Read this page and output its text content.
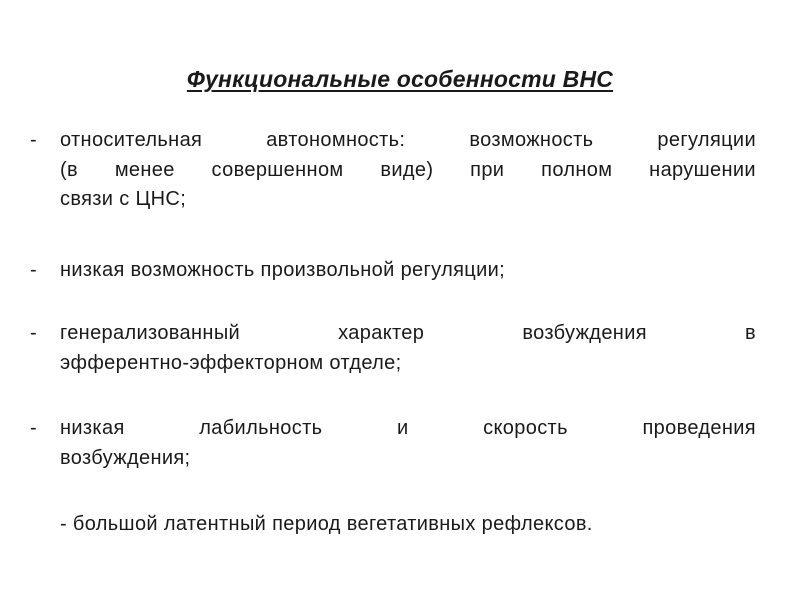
Функциональные особенности ВНС
-	относительная	автономность:	возможность	регуляции
(в менее совершенном виде) при полном нарушении
связи с ЦНС;
-	низкая возможность произвольной регуляции;
-	генерализованный	характер	возбуждения	в
эфферентно-эффекторном отделе;
-	низкая	лабильность	и	скорость	проведения
возбуждения;
- большой латентный период вегетативных рефлексов.
